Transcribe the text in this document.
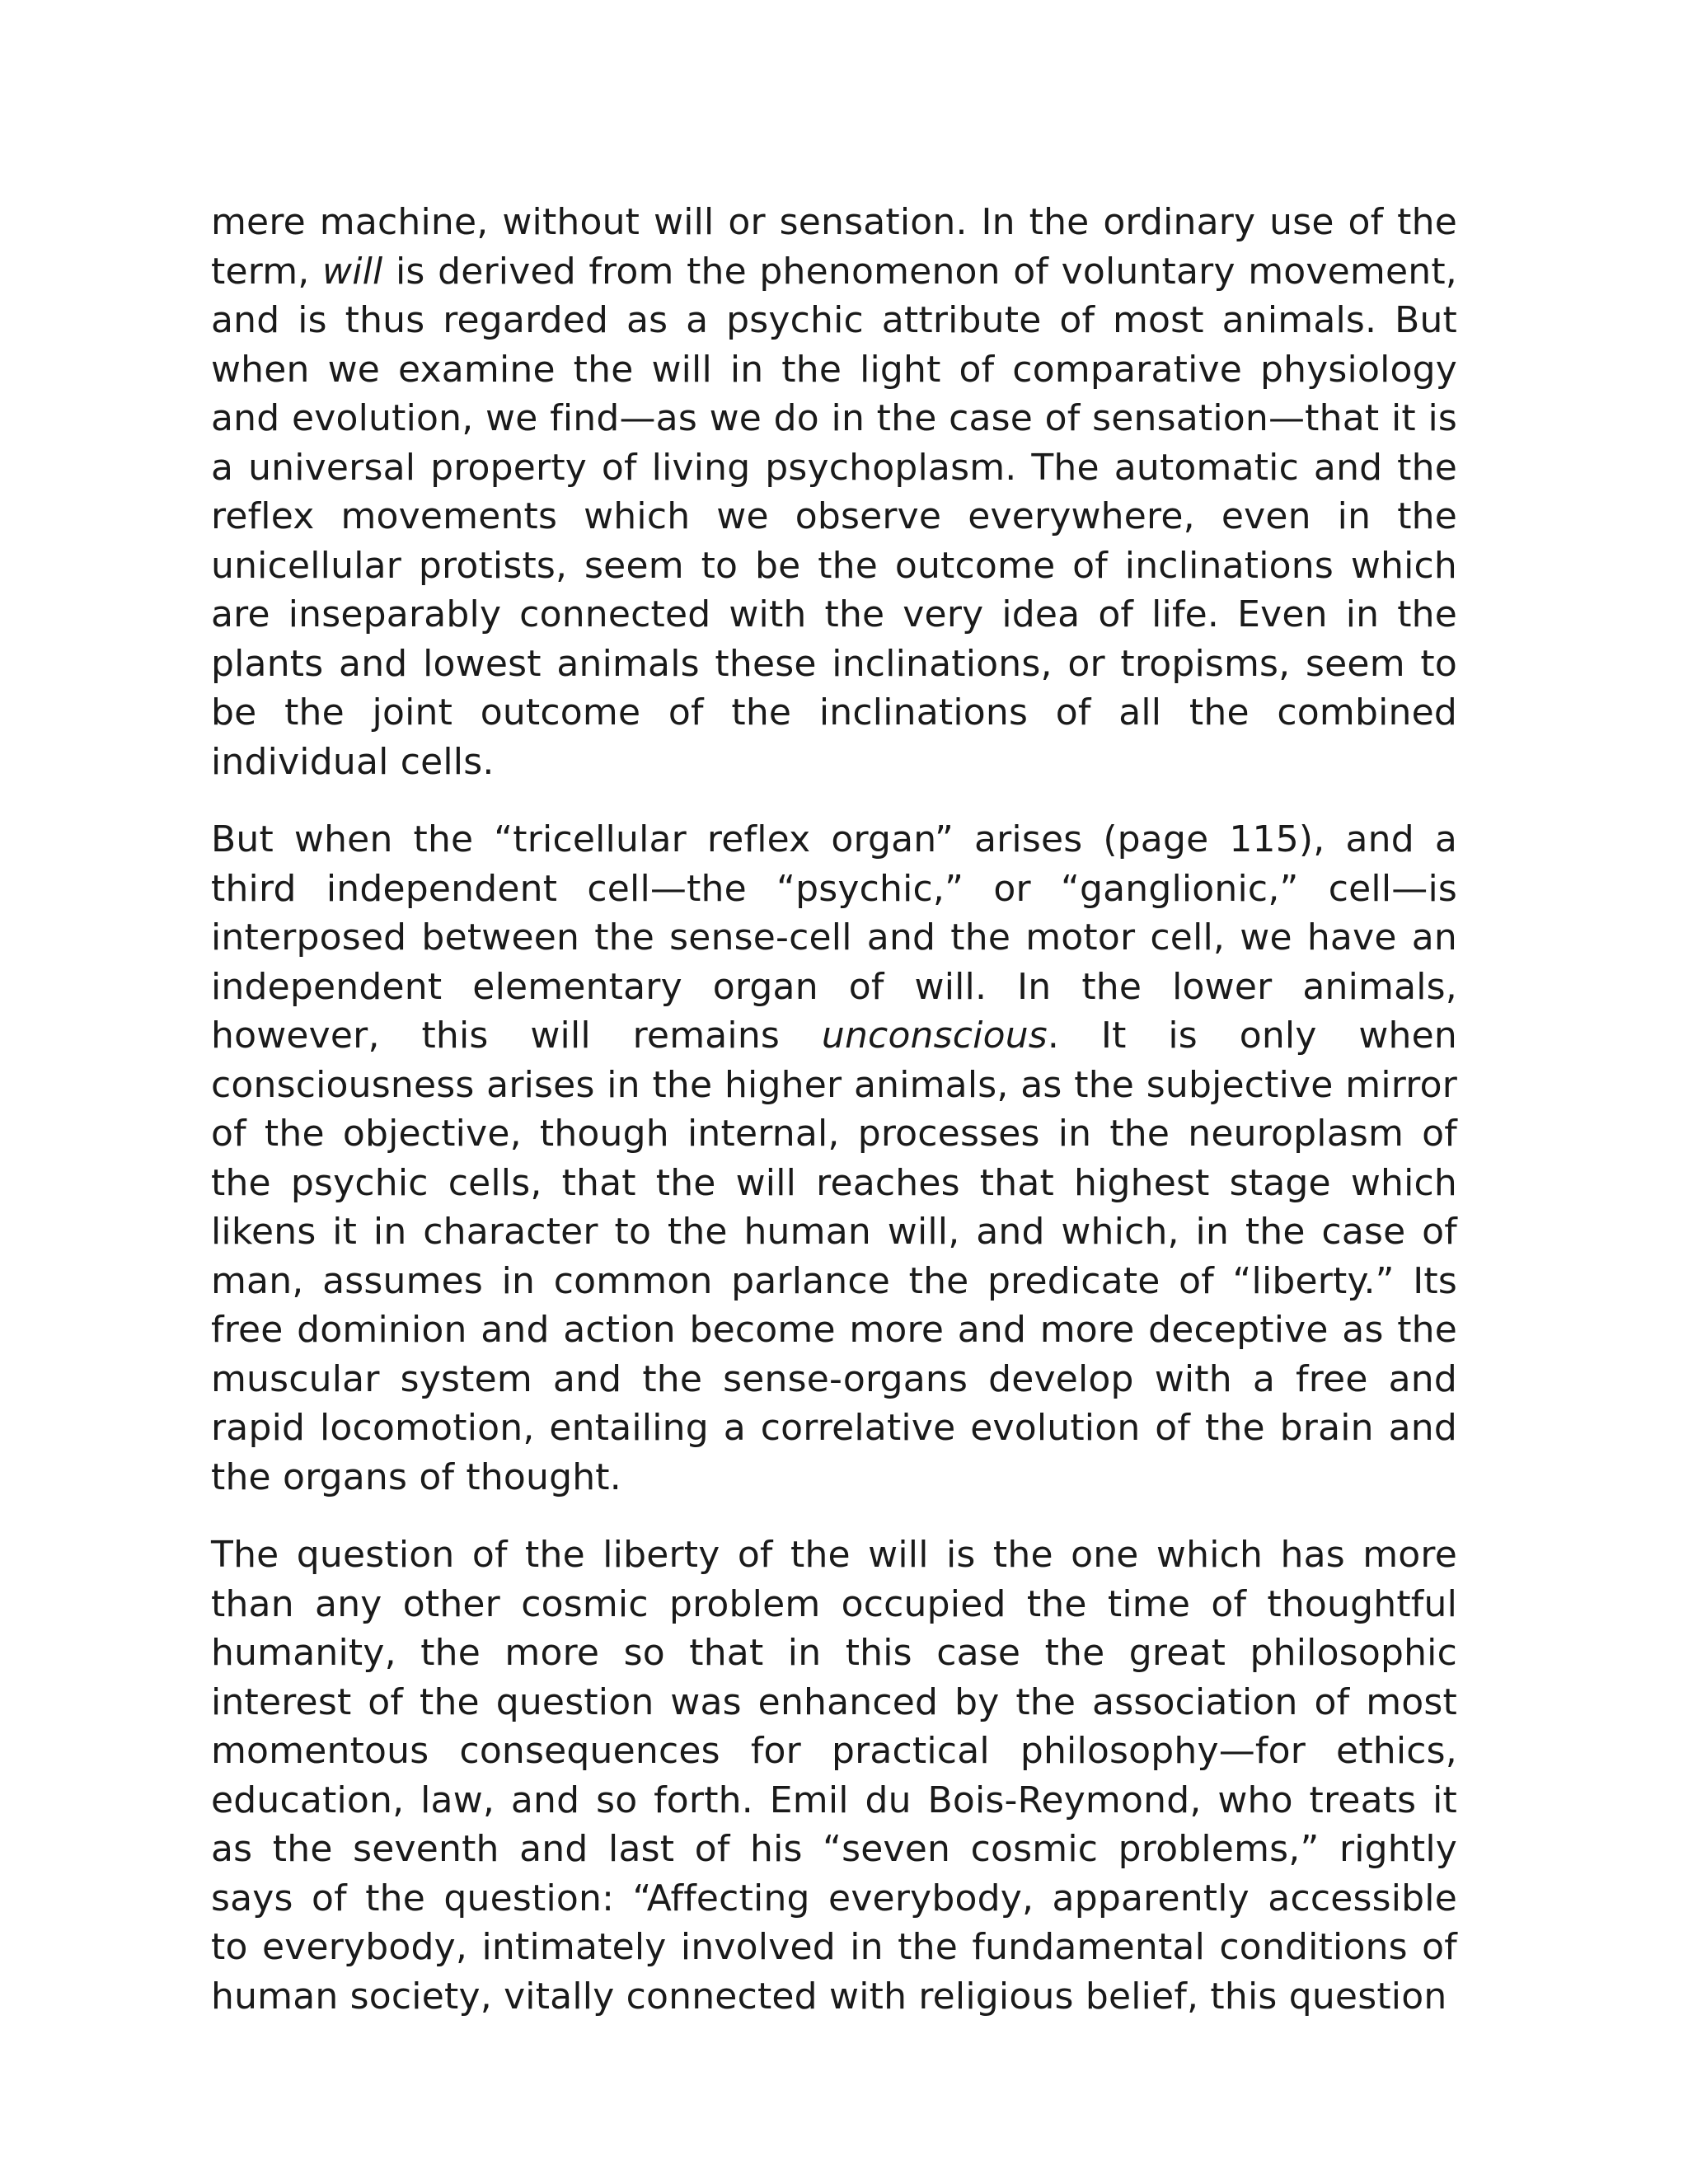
mere machine, without will or sensation. In the ordinary use of the term, will is derived from the phenomenon of voluntary movement, and is thus regarded as a psychic attribute of most animals. But when we examine the will in the light of comparative physiology and evolution, we find—as we do in the case of sensation—that it is a universal property of living psychoplasm. The automatic and the reflex movements which we observe everywhere, even in the unicellular protists, seem to be the outcome of inclinations which are inseparably connected with the very idea of life. Even in the plants and lowest animals these inclinations, or tropisms, seem to be the joint outcome of the inclinations of all the combined individual cells.

But when the “tricellular reflex organ” arises (page 115), and a third independent cell—the “psychic,” or “ganglionic,” cell—is interposed between the sense-cell and the motor cell, we have an independent elementary organ of will. In the lower animals, however, this will remains unconscious. It is only when consciousness arises in the higher animals, as the subjective mirror of the objective, though internal, processes in the neuroplasm of the psychic cells, that the will reaches that highest stage which likens it in character to the human will, and which, in the case of man, assumes in common parlance the predicate of “liberty.” Its free dominion and action become more and more deceptive as the muscular system and the sense-organs develop with a free and rapid locomotion, entailing a correlative evolution of the brain and the organs of thought.

The question of the liberty of the will is the one which has more than any other cosmic problem occupied the time of thoughtful humanity, the more so that in this case the great philosophic interest of the question was enhanced by the association of most momentous consequences for practical philosophy—for ethics, education, law, and so forth. Emil du Bois-Reymond, who treats it as the seventh and last of his “seven cosmic problems,” rightly says of the question: “Affecting everybody, apparently accessible to everybody, intimately involved in the fundamental conditions of human society, vitally connected with religious belief, this question
